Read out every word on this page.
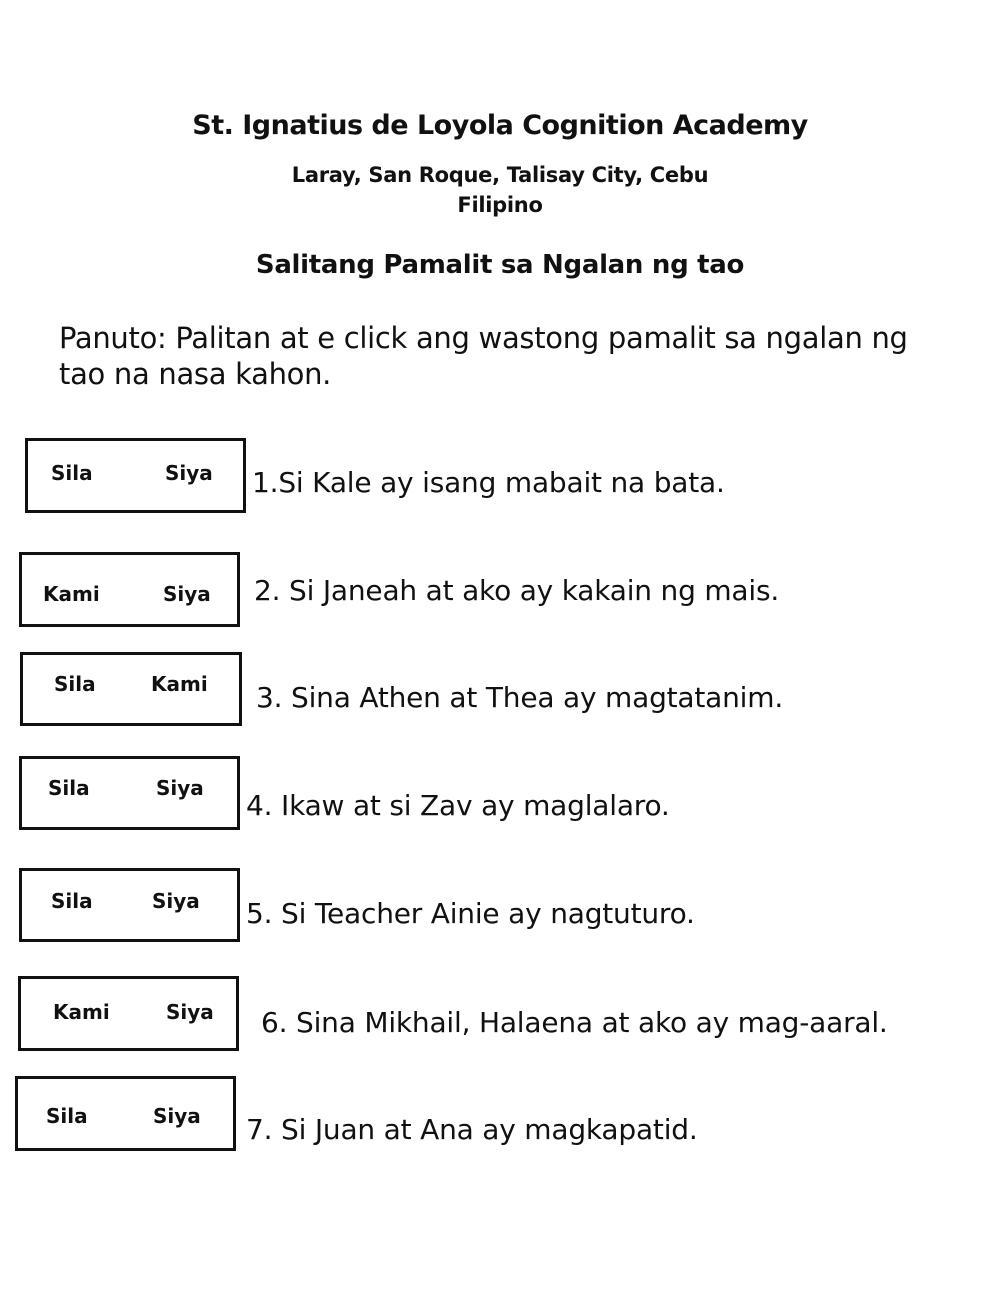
St. Ignatius de Loyola Cognition Academy
Laray, San Roque, Talisay City, Cebu
Filipino
Salitang Pamalit sa Ngalan ng tao
Panuto: Palitan at e click ang wastong pamalit sa ngalan ng tao na nasa kahon.
Sila	Siya 1.Si Kale ay isang mabait na bata.
Kami	Siya 2. Si Janeah at ako ay kakain ng mais.
Sila	Kami 3. Sina Athen at Thea ay magtatanim.
Sila	Siya
4. Ikaw at si Zav ay maglalaro.
Sila	Siya 5. Si Teacher Ainie ay nagtuturo.
Kami	Siya 6. Sina Mikhail, Halaena at ako ay mag-aaral.
Sila	Siya 7. Si Juan at Ana ay magkapatid.
